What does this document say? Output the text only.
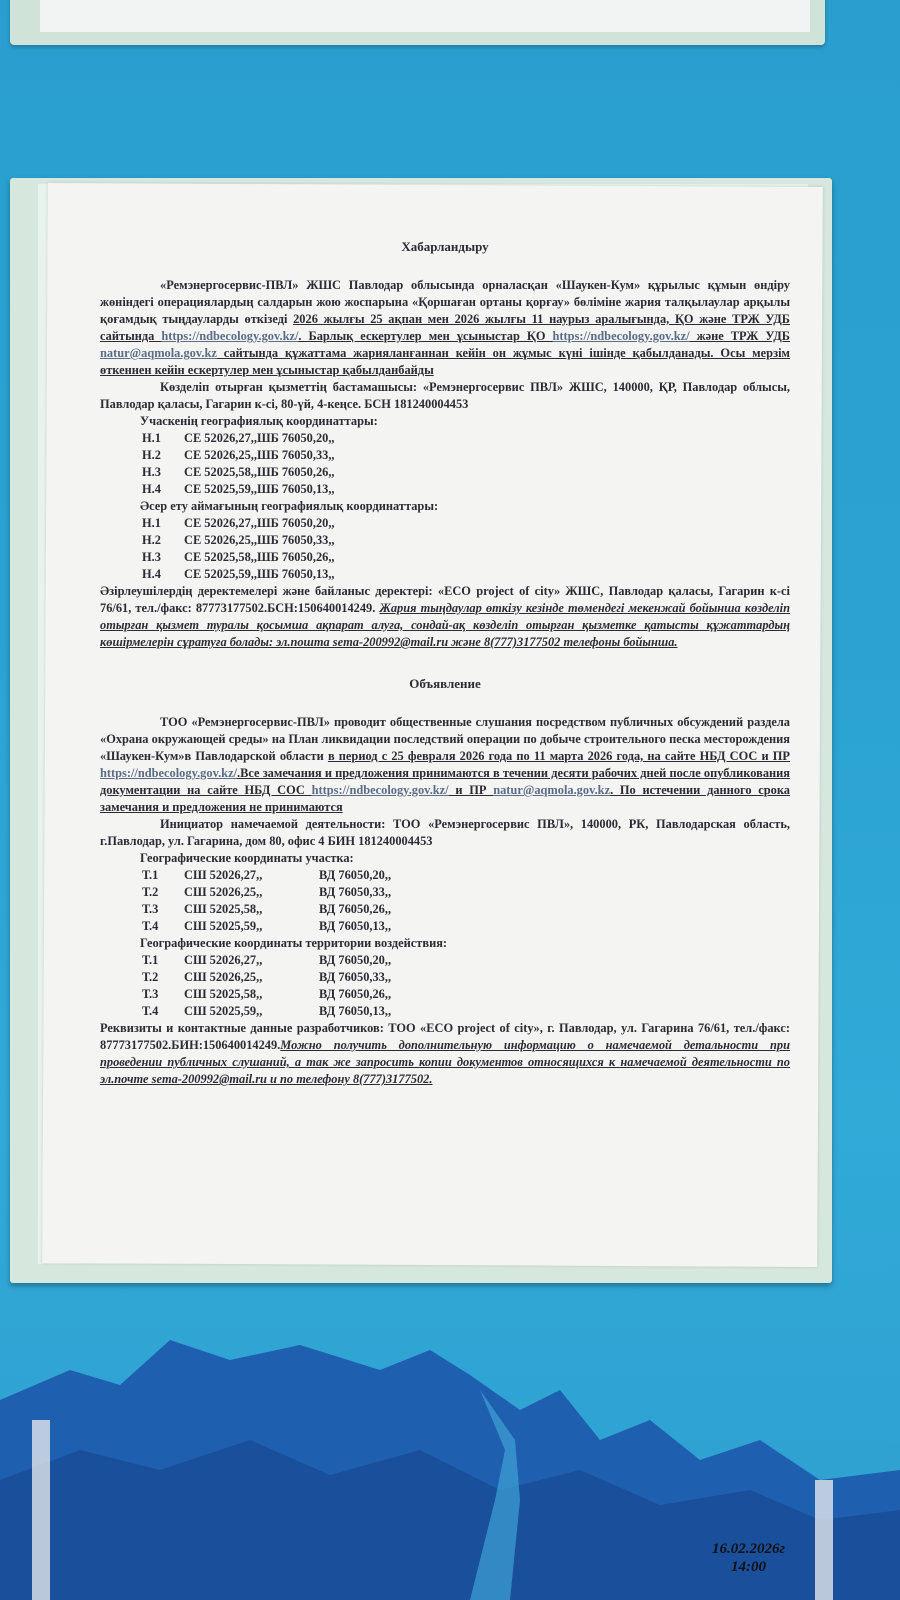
Хабарландыру

«Ремэнергосервис-ПВЛ» ЖШС Павлодар облысында орналасқан «Шаукен-Кум» құрылыс құмын өндіру жөніндегі операциялардың салдарын жою жоспарына «Қоршаған ортаны қорғау» бөліміне жария талқылаулар арқылы қоғамдық тыңдауларды өткізеді 2026 жылғы 25 ақпан мен 2026 жылғы 11 наурыз аралығында, ҚО және ТРЖ УДБ сайтында https://ndbecology.gov.kz/. Барлық ескертулер мен ұсыныстар ҚО https://ndbecology.gov.kz/ және ТРЖ УДБ natur@aqmola.gov.kz сайтында құжаттама жарияланғаннан кейін он жұмыс күні ішінде қабылданады. Осы мерзім өткеннен кейін ескертулер мен ұсыныстар қабылданбайды

Көзделіп отырған қызметтің бастамашысы: «Ремэнергосервис ПВЛ» ЖШС, 140000, ҚР, Павлодар облысы, Павлодар қаласы, Гагарин к-сі, 80-үй, 4-кеңсе. БСН 181240004453

Учаскенің географиялық координаттары:

Н.1	СЕ 52026,27,,ШБ 76050,20,,
Н.2	СЕ 52026,25,,ШБ 76050,33,,
Н.3	СЕ 52025,58,,ШБ 76050,26,,
Н.4	СЕ 52025,59,,ШБ 76050,13,,

Әсер ету аймағының географиялық координаттары:

Н.1	СЕ 52026,27,,ШБ 76050,20,,
Н.2	СЕ 52026,25,,ШБ 76050,33,,
Н.3	СЕ 52025,58,,ШБ 76050,26,,
Н.4	СЕ 52025,59,,ШБ 76050,13,,

Әзірлеушілердің деректемелері және байланыс деректері: «ECO project of city» ЖШС, Павлодар қаласы, Гагарин к-сі 76/61, тел./факс: 87773177502.БСН:150640014249. Жария тыңдаулар өткізу кезінде төмендегі мекенжай бойынша көзделіп отырған қызмет туралы қосымша ақпарат алуға, сондай-ақ көзделіп отырған қызметке қатысты құжаттардың көшірмелерін сұратуға болады: эл.пошта sema-200992@mail.ru және 8(777)3177502 телефоны бойынша.

Объявление

ТОО «Ремэнергосервис-ПВЛ» проводит общественные слушания посредством публичных обсуждений раздела «Охрана окружающей среды» на План ликвидации последствий операции по добыче строительного песка месторождения «Шаукен-Кум»в Павлодарской области в период с 25 февраля 2026 года по 11 марта 2026 года, на сайте НБД СОС и ПР https://ndbecology.gov.kz/.Все замечания и предложения принимаются в течении десяти рабочих дней после опубликования документации на сайте НБД СОС https://ndbecology.gov.kz/ и ПР natur@aqmola.gov.kz. По истечении данного срока замечания и предложения не принимаются

Инициатор намечаемой деятельности: ТОО «Ремэнергосервис ПВЛ», 140000, РК, Павлодарская область, г.Павлодар, ул. Гагарина, дом 80, офис 4 БИН 181240004453

Географические координаты участка:

Т.1	СШ 52026,27,,	ВД 76050,20,,
Т.2	СШ 52026,25,,	ВД 76050,33,,
Т.3	СШ 52025,58,,	ВД 76050,26,,
Т.4	СШ 52025,59,,	ВД 76050,13,,

Географические координаты территории воздействия:

Т.1	СШ 52026,27,,	ВД 76050,20,,
Т.2	СШ 52026,25,,	ВД 76050,33,,
Т.3	СШ 52025,58,,	ВД 76050,26,,
Т.4	СШ 52025,59,,	ВД 76050,13,,

Реквизиты и контактные данные разработчиков: ТОО «ECO project of city», г. Павлодар, ул. Гагарина 76/61, тел./факс: 87773177502.БИН:150640014249.Можно получить дополнительную информацию о намечаемой детальности при проведении публичных слушаний, а так же запросить копии документов относящихся к намечаемой деятельности по эл.почте sema-200992@mail.ru и по телефону 8(777)3177502.

16.02.2026г
14:00
